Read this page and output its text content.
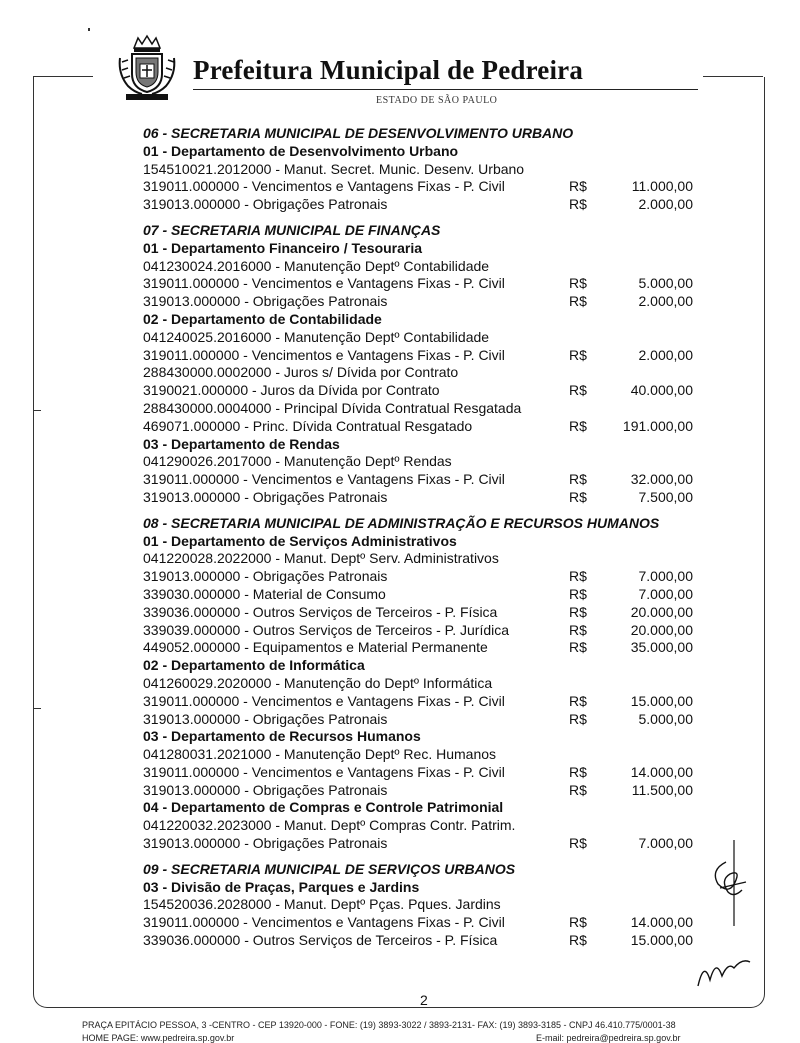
Prefeitura Municipal de Pedreira
ESTADO DE SÃO PAULO
06 - SECRETARIA MUNICIPAL DE DESENVOLVIMENTO URBANO
01 - Departamento de Desenvolvimento Urbano
154510021.2012000 - Manut. Secret. Munic. Desenv. Urbano
319011.000000 - Vencimentos e Vantagens Fixas - P. Civil	R$	11.000,00
319013.000000 - Obrigações Patronais	R$	2.000,00
07 - SECRETARIA MUNICIPAL DE FINANÇAS
01 - Departamento Financeiro / Tesouraria
041230024.2016000 - Manutenção Deptº Contabilidade
319011.000000 - Vencimentos e Vantagens Fixas - P. Civil	R$	5.000,00
319013.000000 - Obrigações Patronais	R$	2.000,00
02 - Departamento de Contabilidade
041240025.2016000 - Manutenção Deptº Contabilidade
319011.000000 - Vencimentos e Vantagens Fixas - P. Civil	R$	2.000,00
288430000.0002000 - Juros s/ Dívida por Contrato
3190021.000000 - Juros da Dívida por Contrato	R$	40.000,00
288430000.0004000 - Principal Dívida Contratual Resgatada
469071.000000 - Princ. Dívida Contratual Resgatado	R$	191.000,00
03 - Departamento de Rendas
041290026.2017000 - Manutenção Deptº Rendas
319011.000000 - Vencimentos e Vantagens Fixas - P. Civil	R$	32.000,00
319013.000000 - Obrigações Patronais	R$	7.500,00
08 - SECRETARIA MUNICIPAL DE ADMINISTRAÇÃO E RECURSOS HUMANOS
01 - Departamento de Serviços Administrativos
041220028.2022000 - Manut. Deptº Serv. Administrativos
319013.000000 - Obrigações Patronais	R$	7.000,00
339030.000000 - Material de Consumo	R$	7.000,00
339036.000000 - Outros Serviços de Terceiros - P. Física	R$	20.000,00
339039.000000 - Outros Serviços de Terceiros - P. Jurídica	R$	20.000,00
449052.000000 - Equipamentos e Material Permanente	R$	35.000,00
02 - Departamento de Informática
041260029.2020000 - Manutenção do Deptº Informática
319011.000000 - Vencimentos e Vantagens Fixas - P. Civil	R$	15.000,00
319013.000000 - Obrigações Patronais	R$	5.000,00
03 - Departamento de Recursos Humanos
041280031.2021000 - Manutenção Deptº Rec. Humanos
319011.000000 - Vencimentos e Vantagens Fixas - P. Civil	R$	14.000,00
319013.000000 - Obrigações Patronais	R$	11.500,00
04 - Departamento de Compras e Controle Patrimonial
041220032.2023000 - Manut. Deptº Compras Contr. Patrim.
319013.000000 - Obrigações Patronais	R$	7.000,00
09 - SECRETARIA MUNICIPAL DE SERVIÇOS URBANOS
03 - Divisão de Praças, Parques e Jardins
154520036.2028000 - Manut. Deptº Pças. Pques. Jardins
319011.000000 - Vencimentos e Vantagens Fixas - P. Civil	R$	14.000,00
339036.000000 - Outros Serviços de Terceiros - P. Física	R$	15.000,00
2
PRAÇA EPITÁCIO PESSOA, 3 -CENTRO - CEP 13920-000 - FONE: (19) 3893-3022 / 3893-2131- FAX: (19) 3893-3185 - CNPJ 46.410.775/0001-38
HOME PAGE: www.pedreira.sp.gov.br	E-mail: pedreira@pedreira.sp.gov.br
